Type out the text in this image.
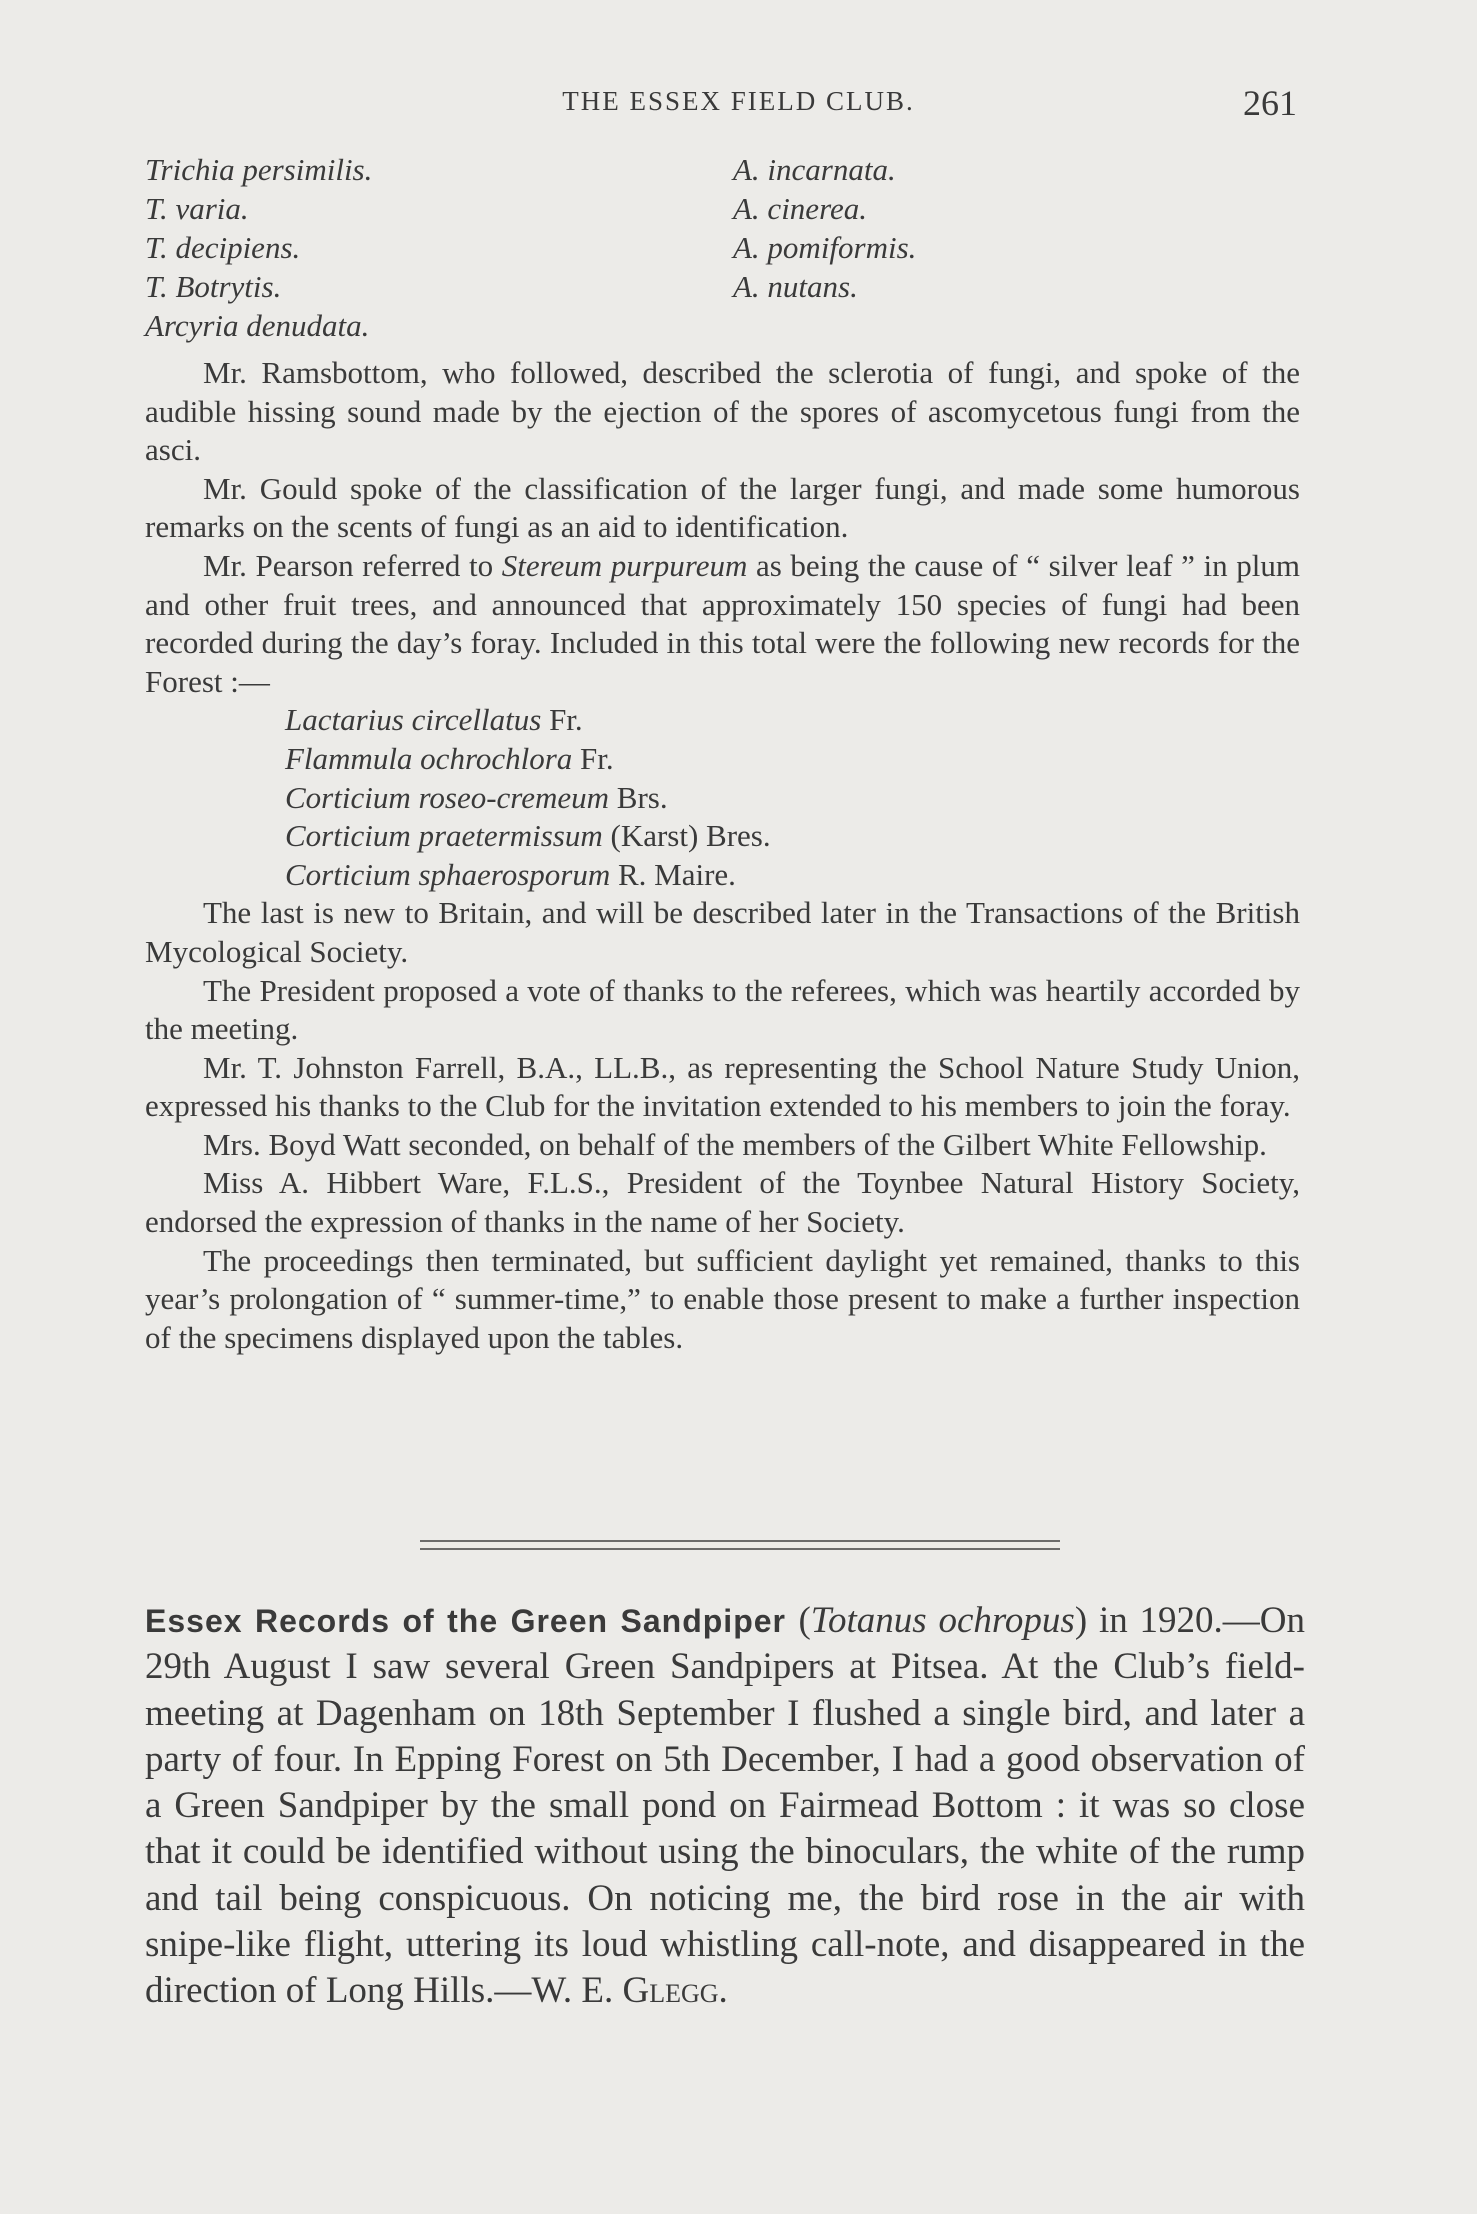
THE ESSEX FIELD CLUB.	261
Trichia persimilis.
T. varia.
T. decipiens.
T. Botrytis.
Arcyria denudata.
A. incarnata.
A. cinerea.
A. pomiformis.
A. nutans.

Mr. Ramsbottom, who followed, described the sclerotia of fungi, and spoke of the audible hissing sound made by the ejection of the spores of ascomycetous fungi from the asci.

Mr. Gould spoke of the classification of the larger fungi, and made some humorous remarks on the scents of fungi as an aid to identification.

Mr. Pearson referred to Stereum purpureum as being the cause of “ silver leaf ” in plum and other fruit trees, and announced that approximately 150 species of fungi had been recorded during the day’s foray. Included in this total were the following new records for the Forest :—

Lactarius circellatus Fr.
Flammula ochrochlora Fr.
Corticium roseo-cremeum Brs.
Corticium praetermissum (Karst) Bres.
Corticium sphaerosporum R. Maire.

The last is new to Britain, and will be described later in the Transactions of the British Mycological Society.

The President proposed a vote of thanks to the referees, which was heartily accorded by the meeting.

Mr. T. Johnston Farrell, B.A., LL.B., as representing the School Nature Study Union, expressed his thanks to the Club for the invitation extended to his members to join the foray.

Mrs. Boyd Watt seconded, on behalf of the members of the Gilbert White Fellowship.

Miss A. Hibbert Ware, F.L.S., President of the Toynbee Natural History Society, endorsed the expression of thanks in the name of her Society.

The proceedings then terminated, but sufficient daylight yet remained, thanks to this year’s prolongation of “ summer-time,” to enable those present to make a further inspection of the specimens displayed upon the tables.

Essex Records of the Green Sandpiper (Totanus ochropus) in 1920.—On 29th August I saw several Green Sandpipers at Pitsea. At the Club’s field-meeting at Dagenham on 18th September I flushed a single bird, and later a party of four. In Epping Forest on 5th December, I had a good observation of a Green Sandpiper by the small pond on Fairmead Bottom : it was so close that it could be identified without using the binoculars, the white of the rump and tail being conspicuous. On noticing me, the bird rose in the air with snipe-like flight, uttering its loud whistling call-note, and disappeared in the direction of Long Hills.—W. E. Glegg.
